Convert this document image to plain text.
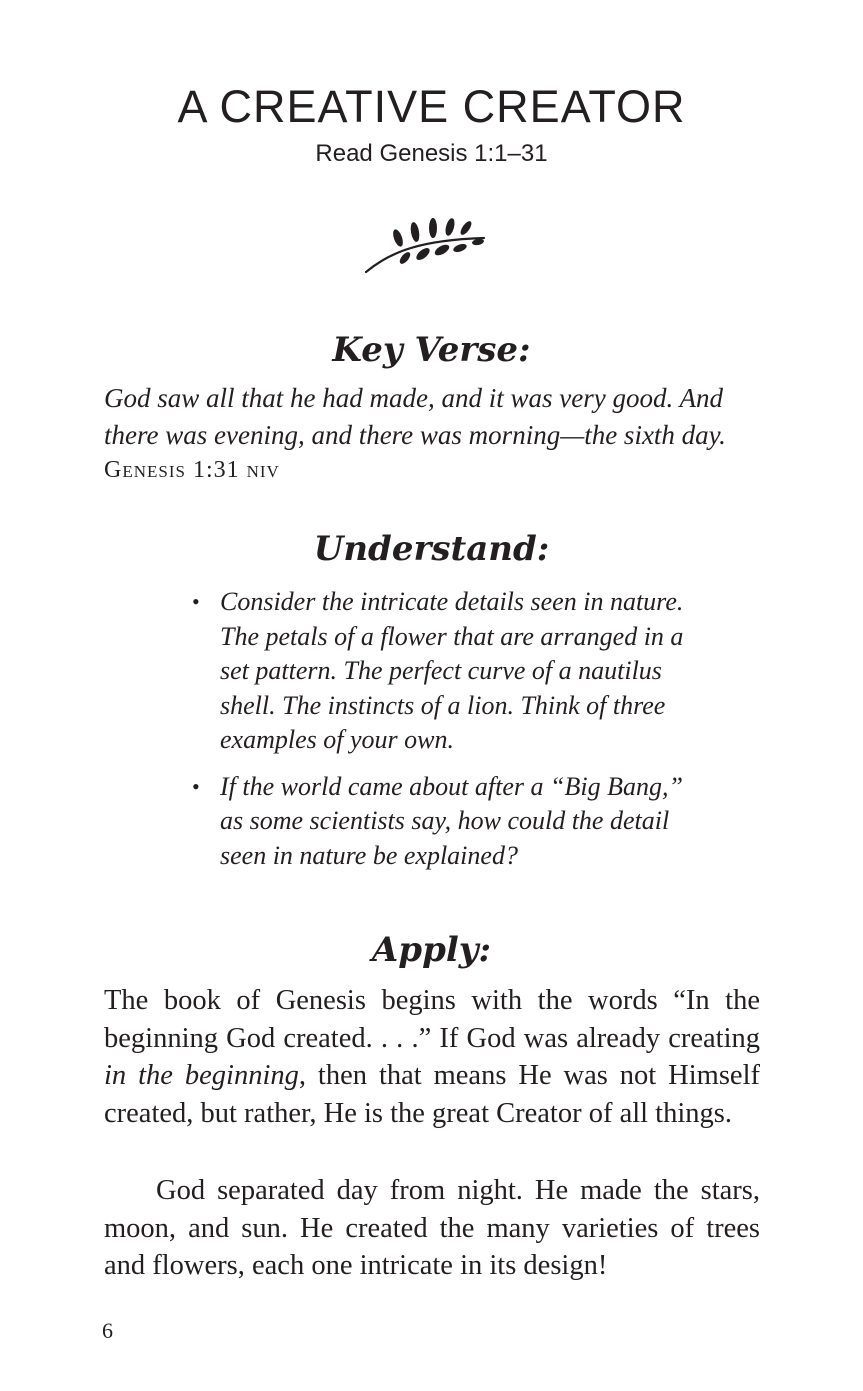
A CREATIVE CREATOR

Read Genesis 1:1–31

Key Verse:

God saw all that he had made, and it was very good. And there was evening, and there was morning—the sixth day.

Genesis 1:31 niv

Understand:
• Consider the intricate details seen in nature. The petals of a flower that are arranged in a set pattern. The perfect curve of a nautilus shell. The instincts of a lion. Think of three examples of your own.
• If the world came about after a “Big Bang,” as some scientists say, how could the detail seen in nature be explained?
Apply:

The book of Genesis begins with the words “In the beginning God created. . . .” If God was already creating in the beginning, then that means He was not Himself created, but rather, He is the great Creator of all things.

God separated day from night. He made the stars, moon, and sun. He created the many varieties of trees and flowers, each one intricate in its design!

6
